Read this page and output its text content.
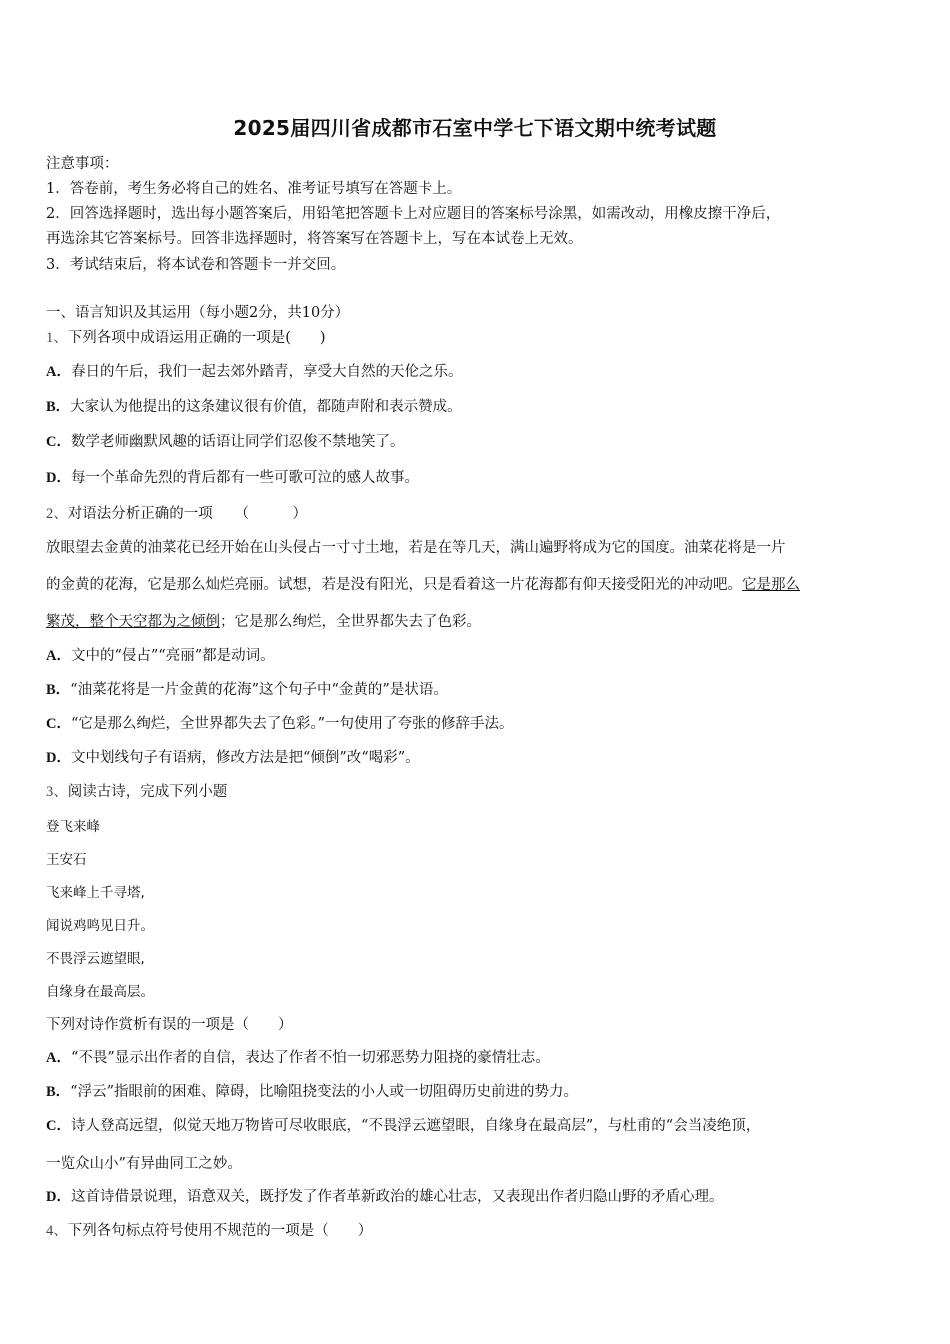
2025届四川省成都市石室中学七下语文期中统考试题
注意事项：
1．答卷前，考生务必将自己的姓名、准考证号填写在答题卡上。
2．回答选择题时，选出每小题答案后，用铅笔把答题卡上对应题目的答案标号涂黑，如需改动，用橡皮擦干净后，
再选涂其它答案标号。回答非选择题时，将答案写在答题卡上，写在本试卷上无效。
3．考试结束后，将本试卷和答题卡一并交回。
一、语言知识及其运用（每小题2分，共10分）
1、下列各项中成语运用正确的一项是(　　)
A．春日的午后，我们一起去郊外踏青，享受大自然的天伦之乐。
B．大家认为他提出的这条建议很有价值，都随声附和表示赞成。
C．数学老师幽默风趣的话语让同学们忍俊不禁地笑了。
D．每一个革命先烈的背后都有一些可歌可泣的感人故事。
2、对语法分析正确的一项　　（　　　）
放眼望去金黄的油菜花已经开始在山头侵占一寸寸土地，若是在等几天，满山遍野将成为它的国度。油菜花将是一片
的金黄的花海，它是那么灿烂亮丽。试想，若是没有阳光，只是看着这一片花海都有仰天接受阳光的冲动吧。它是那么
繁茂，整个天空都为之倾倒；它是那么绚烂，全世界都失去了色彩。
A．文中的“侵占”“亮丽”都是动词。
B．“油菜花将是一片金黄的花海”这个句子中“金黄的”是状语。
C．“它是那么绚烂，全世界都失去了色彩。”一句使用了夸张的修辞手法。
D．文中划线句子有语病，修改方法是把“倾倒”改“喝彩”。
3、阅读古诗，完成下列小题
登飞来峰
王安石
飞来峰上千寻塔,
闻说鸡鸣见日升。
不畏浮云遮望眼,
自缘身在最高层。
下列对诗作赏析有误的一项是（　　）
A．“不畏”显示出作者的自信，表达了作者不怕一切邪恶势力阻挠的豪情壮志。
B．“浮云”指眼前的困难、障碍，比喻阻挠变法的小人或一切阻碍历史前进的势力。
C．诗人登高远望，似觉天地万物皆可尽收眼底，“不畏浮云遮望眼，自缘身在最高层”，与杜甫的“会当凌绝顶，
一览众山小”有异曲同工之妙。
D．这首诗借景说理，语意双关，既抒发了作者革新政治的雄心壮志，又表现出作者归隐山野的矛盾心理。
4、下列各句标点符号使用不规范的一项是（　　）
